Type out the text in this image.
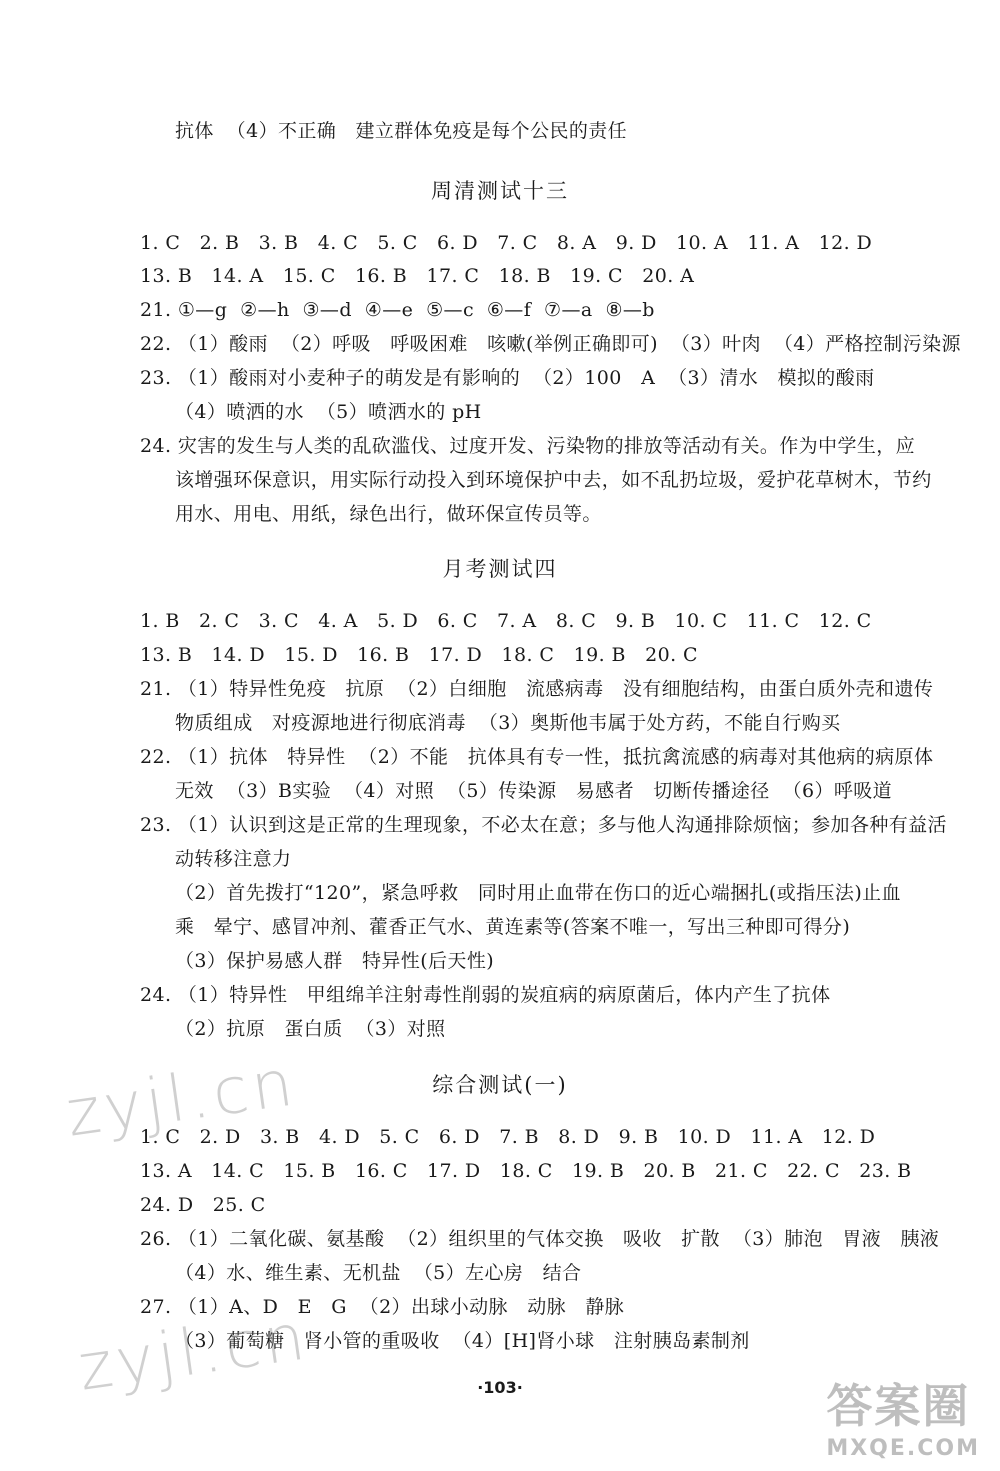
抗体  （4）不正确   建立群体免疫是每个公民的责任
周清测试十三
1. C   2. B   3. B   4. C   5. C   6. D   7. C   8. A   9. D   10. A   11. A   12. D
13. B   14. A   15. C   16. B   17. C   18. B   19. C   20. A
21. ①—g  ②—h  ③—d  ④—e  ⑤—c  ⑥—f  ⑦—a  ⑧—b
22. （1）酸雨  （2）呼吸   呼吸困难   咳嗽(举例正确即可)  （3）叶肉  （4）严格控制污染源
23. （1）酸雨对小麦种子的萌发是有影响的  （2）100   A  （3）清水   模拟的酸雨
（4）喷洒的水  （5）喷洒水的 pH
24. 灾害的发生与人类的乱砍滥伐、过度开发、污染物的排放等活动有关。作为中学生，应
该增强环保意识，用实际行动投入到环境保护中去，如不乱扔垃圾，爱护花草树木，节约
用水、用电、用纸，绿色出行，做环保宣传员等。
月考测试四
1. B   2. C   3. C   4. A   5. D   6. C   7. A   8. C   9. B   10. C   11. C   12. C
13. B   14. D   15. D   16. B   17. D   18. C   19. B   20. C
21. （1）特异性免疫   抗原  （2）白细胞   流感病毒   没有细胞结构，由蛋白质外壳和遗传
物质组成   对疫源地进行彻底消毒  （3）奥斯他韦属于处方药，不能自行购买
22. （1）抗体   特异性  （2）不能   抗体具有专一性，抵抗禽流感的病毒对其他病的病原体
无效  （3）B实验  （4）对照  （5）传染源   易感者   切断传播途径  （6）呼吸道
23. （1）认识到这是正常的生理现象，不必太在意；多与他人沟通排除烦恼；参加各种有益活
动转移注意力
（2）首先拨打“120”，紧急呼救   同时用止血带在伤口的近心端捆扎(或指压法)止血
乘   晕宁、感冒冲剂、藿香正气水、黄连素等(答案不唯一，写出三种即可得分)
（3）保护易感人群   特异性(后天性)
24. （1）特异性   甲组绵羊注射毒性削弱的炭疽病的病原菌后，体内产生了抗体
（2）抗原   蛋白质  （3）对照
综合测试(一)
1. C   2. D   3. B   4. D   5. C   6. D   7. B   8. D   9. B   10. D   11. A   12. D
13. A   14. C   15. B   16. C   17. D   18. C   19. B   20. B   21. C   22. C   23. B
24. D   25. C
26. （1）二氧化碳、氨基酸  （2）组织里的气体交换   吸收   扩散  （3）肺泡   胃液   胰液
（4）水、维生素、无机盐  （5）左心房   结合
27. （1）A、D   E   G  （2）出球小动脉   动脉   静脉
（3）葡萄糖   肾小管的重吸收  （4）[H]肾小球   注射胰岛素制剂
·103·
zyjl.cn
zyjl.cn
答案圈
MXQE.COM
